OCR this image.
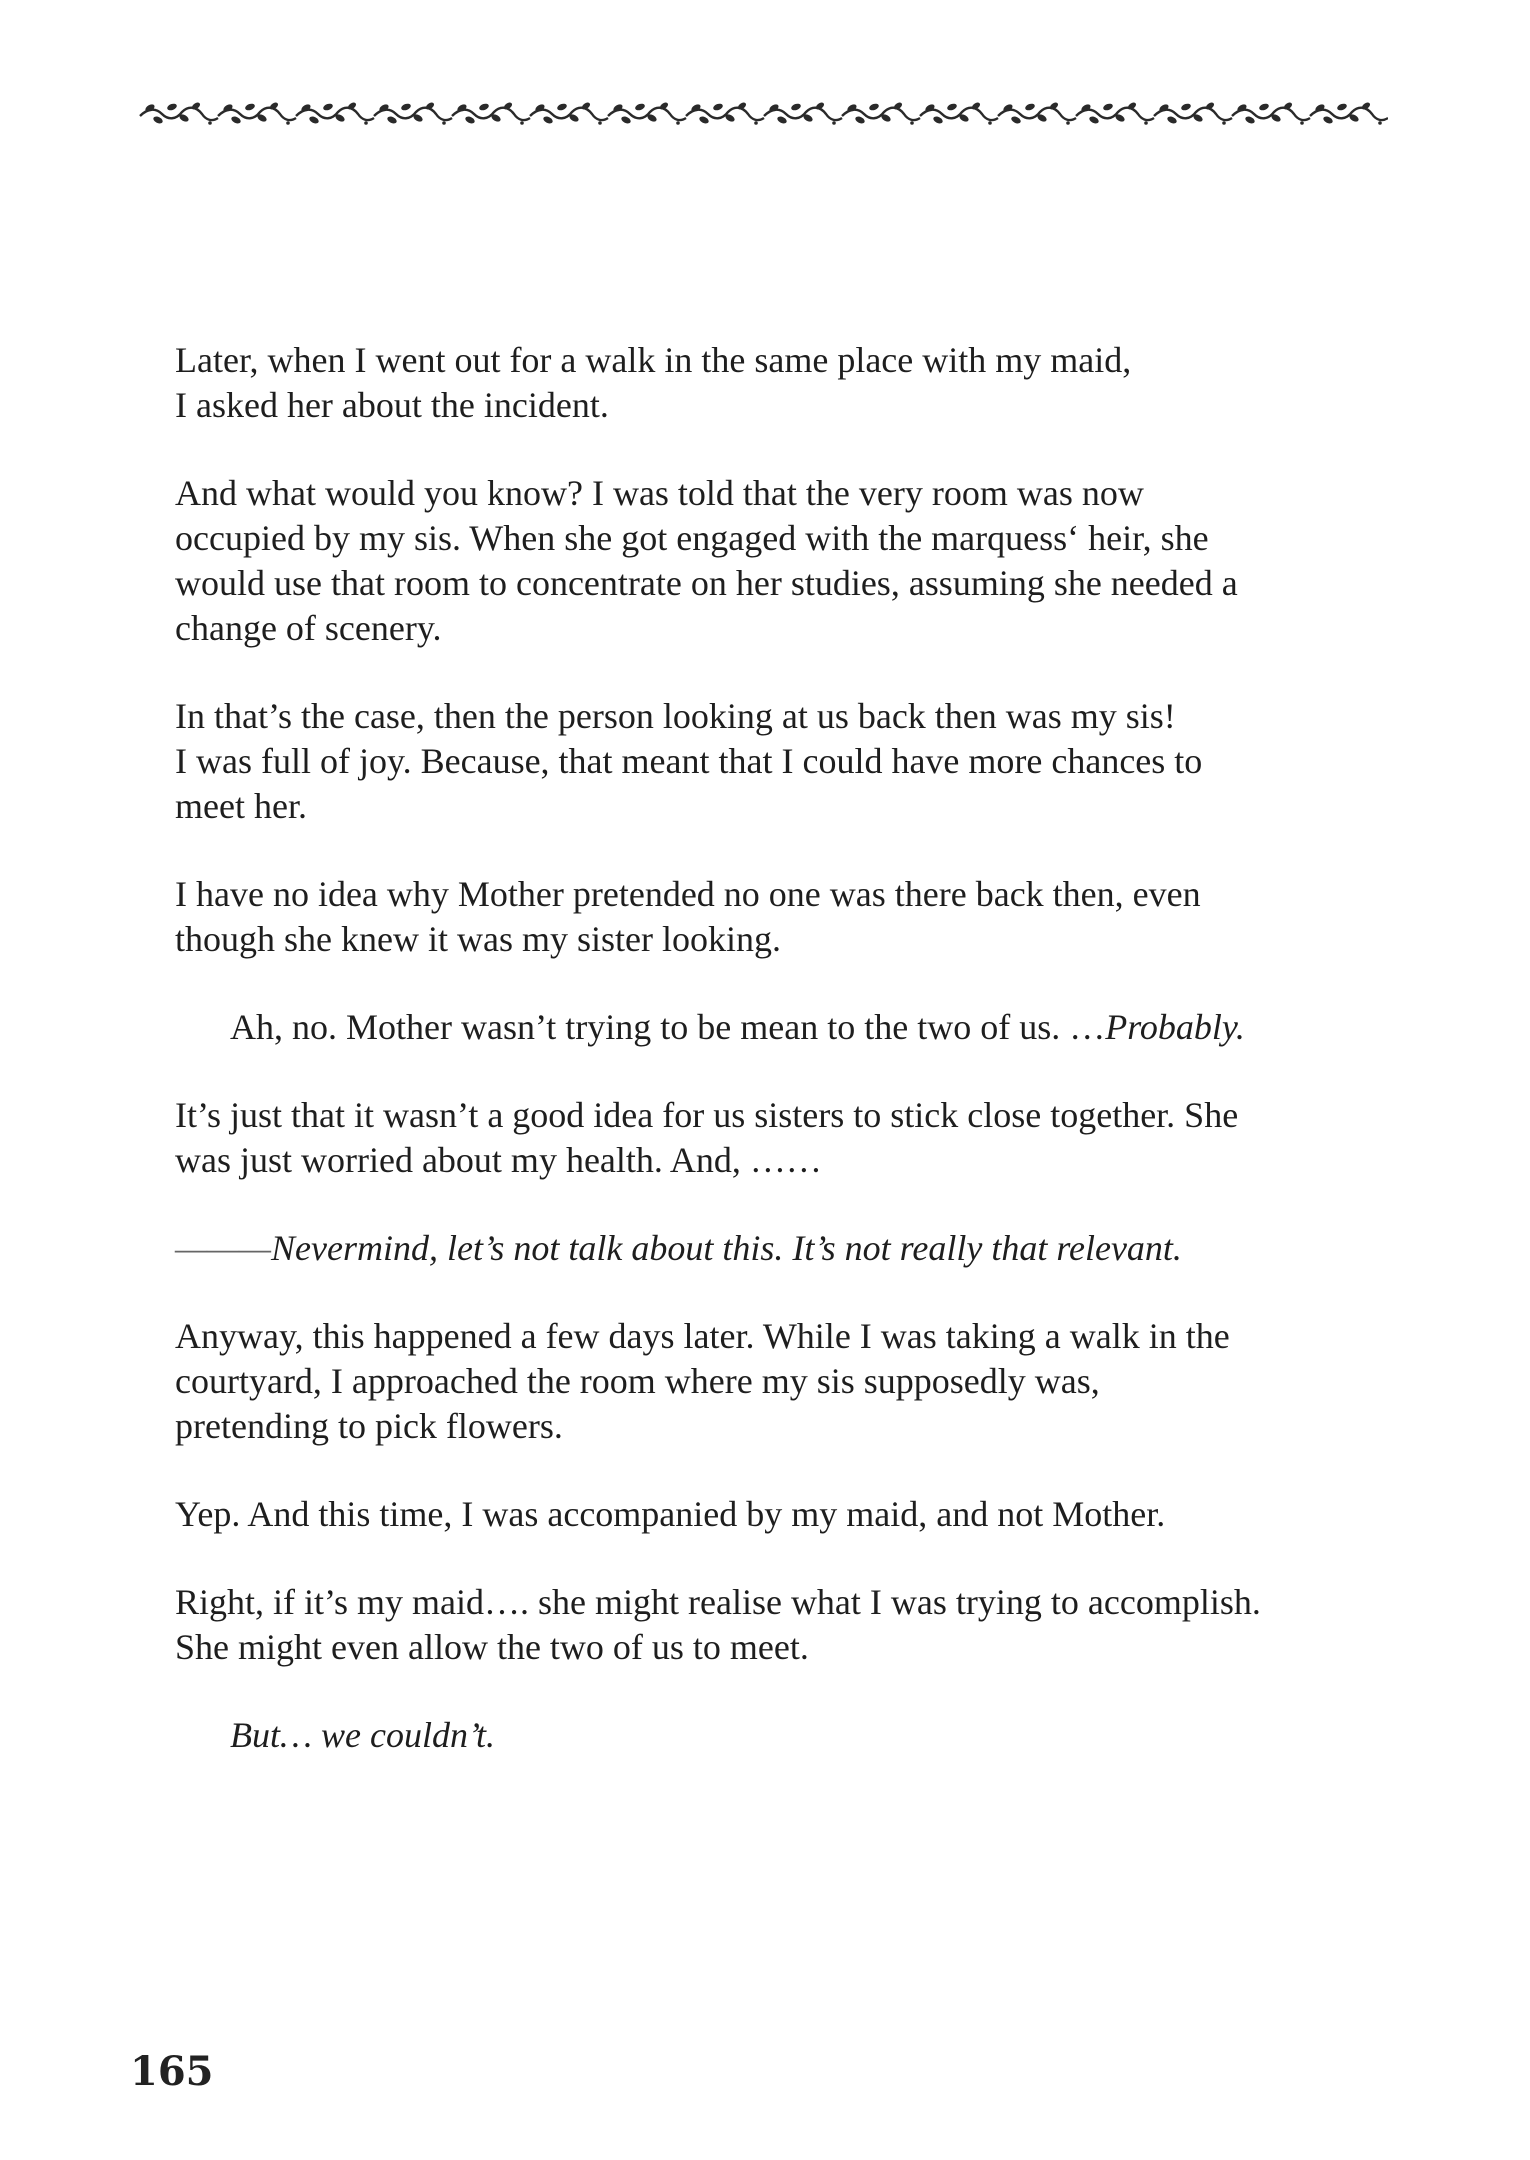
Later, when I went out for a walk in the same place with my maid,
I asked her about the incident.

And what would you know? I was told that the very room was now
occupied by my sis. When she got engaged with the marquess‘ heir, she
would use that room to concentrate on her studies, assuming she needed a
change of scenery.

In that’s the case, then the person looking at us back then was my sis!
I was full of joy. Because, that meant that I could have more chances to
meet her.

I have no idea why Mother pretended no one was there back then, even
though she knew it was my sister looking.

Ah, no. Mother wasn’t trying to be mean to the two of us. …Probably.

It’s just that it wasn’t a good idea for us sisters to stick close together. She
was just worried about my health. And, ……

———Nevermind, let’s not talk about this. It’s not really that relevant.

Anyway, this happened a few days later. While I was taking a walk in the
courtyard, I approached the room where my sis supposedly was,
pretending to pick flowers.

Yep. And this time, I was accompanied by my maid, and not Mother.

Right, if it’s my maid…. she might realise what I was trying to accomplish.
She might even allow the two of us to meet.

But… we couldn’t.

165
